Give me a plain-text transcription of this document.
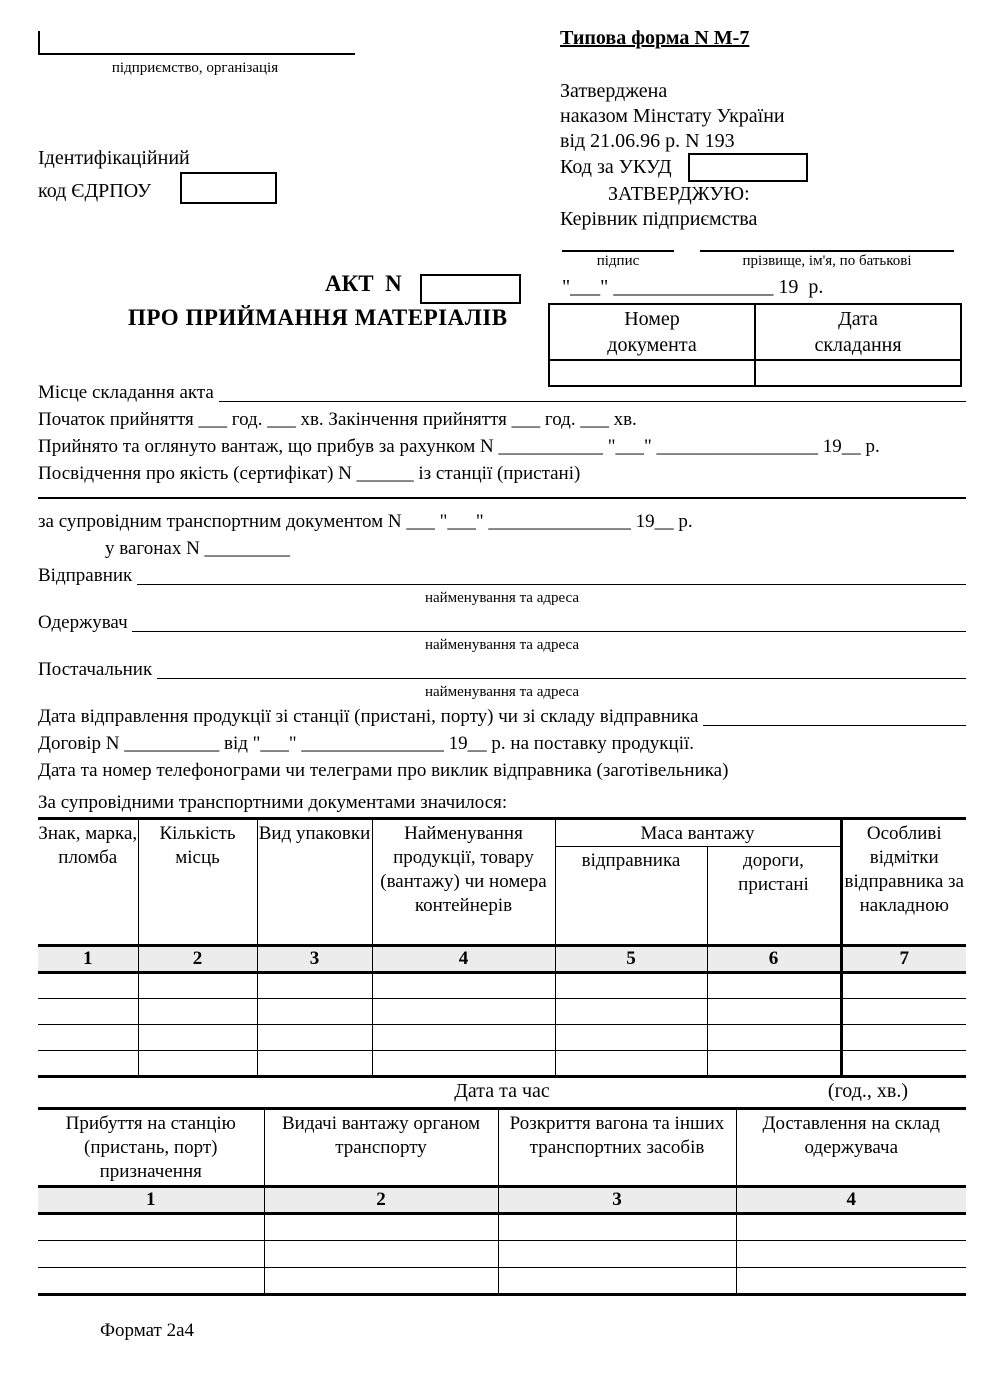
підприємство, організація
Ідентифікаційний
код ЄДРПОУ
Типова форма N М-7
Затверджена
наказом Мінстату України
від 21.06.96 р. N 193
Код за УКУД
ЗАТВЕРДЖУЮ:
Керівник підприємства
підпис	прізвище, ім'я, по батькові
"___" ________________ 19  р.
АКТ  N
ПРО ПРИЙМАННЯ МАТЕРІАЛІВ	Номер документа	Дата складання

Місце складання акта
Початок прийняття ___ год. ___ хв. Закінчення прийняття ___ год. ___ хв.
Прийнято та оглянуто вантаж, що прибув за рахунком N ___________ "___" _________________ 19__ р.
Посвідчення про якість (сертифікат) N ______ із станції (пристані)
за супровідним транспортним документом N ___ "___" _______________ 19__ р.
у вагонах N _________
Відправник
найменування та адреса
Одержувач
найменування та адреса
Постачальник
найменування та адреса
Дата відправлення продукції зі станції (пристані, порту) чи зі складу відправника
Договір N __________ від "___" _______________ 19__ р. на поставку продукції.
Дата та номер телефонограми чи телеграми про виклик відправника (заготівельника)
За супровідними транспортними документами значилося:
Знак, марка, пломба	Кількість місць	Вид упаковки	Найменування продукції, товару (вантажу) чи номера контейнерів	Маса вантажу		Особливі відмітки відправника за накладною
				відправника	дороги, пристані	
1	2	3	4	5	6	7

Дата та час	(год., хв.)
Прибуття на станцію (пристань, порт) призначення	Видачі вантажу органом транспорту	Розкриття вагона та інших транспортних засобів	Доставлення на склад одержувача
1	2	3	4

Формат 2а4
